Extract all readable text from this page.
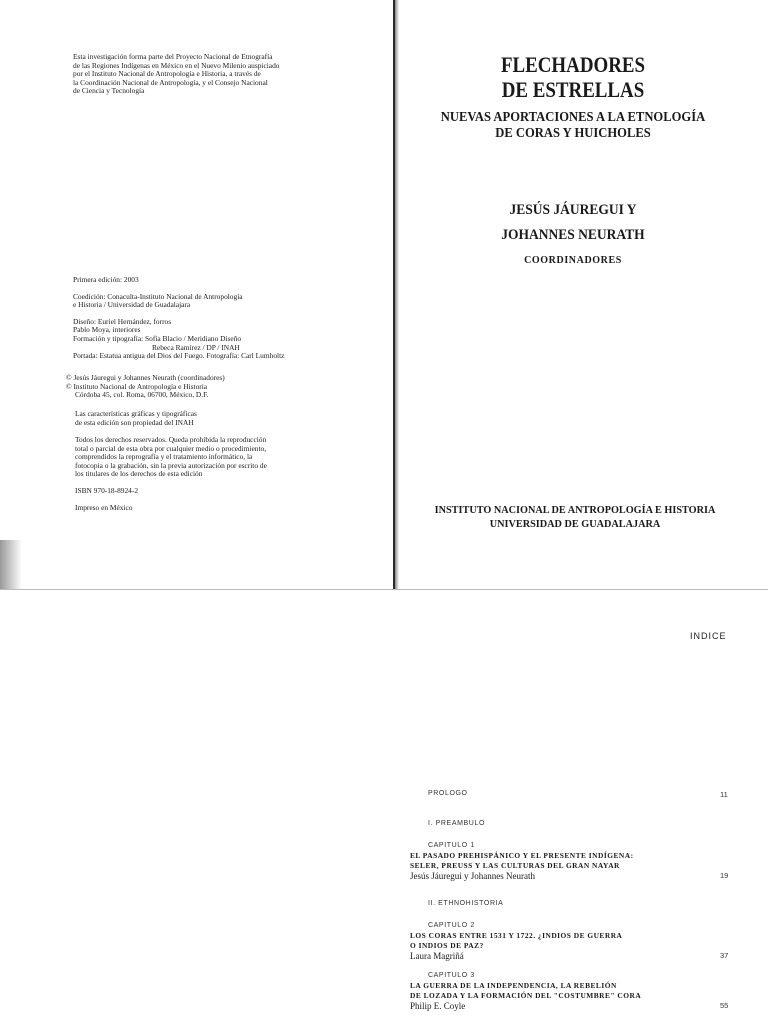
Esta investigación forma parte del Proyecto Nacional de Etnografía
de las Regiones Indígenas en México en el Nuevo Milenio auspiciado
por el Instituto Nacional de Antropología e Historia, a través de
la Coordinación Nacional de Antropología, y el Consejo Nacional
de Ciencia y Tecnología
Primera edición: 2003
Coedición: Conaculta-Instituto Nacional de Antropología
e Historia / Universidad de Guadalajara
Diseño: Euriel Hernández, forros
Pablo Moya, interiores
Formación y tipografía: Sofía Blacio / Meridiano Diseño
Rebeca Ramírez / DP / INAH
Portada: Estatua antigua del Dios del Fuego. Fotografía: Carl Lumholtz
© Jesús Jáuregui y Johannes Neurath (coordinadores)
© Instituto Nacional de Antropología e Historia
Córdoba 45, col. Roma, 06700, México, D.F.
Las características gráficas y tipográficas
de esta edición son propiedad del INAH
Todos los derechos reservados. Queda prohibida la reproducción
total o parcial de esta obra por cualquier medio o procedimiento,
comprendidos la reprografía y el tratamiento informático, la
fotocopia o la grabación, sin la previa autorización por escrito de
los titulares de los derechos de esta edición
ISBN 970-18-8924-2
Impreso en México
FLECHADORES
DE ESTRELLAS
NUEVAS APORTACIONES A LA ETNOLOGÍA
DE CORAS Y HUICHOLES
JESÚS JÁUREGUI Y
JOHANNES NEURATH
COORDINADORES
INSTITUTO NACIONAL DE ANTROPOLOGÍA E HISTORIA
UNIVERSIDAD DE GUADALAJARA
INDICE
PROLOGO	11
I. PREAMBULO
CAPITULO 1
EL PASADO PREHISPÁNICO Y EL PRESENTE INDÍGENA:
SELER, PREUSS Y LAS CULTURAS DEL GRAN NAYAR
Jesús Jáuregui y Johannes Neurath	19
II. ETHNOHISTORIA
CAPITULO 2
LOS CORAS ENTRE 1531 Y 1722. ¿INDIOS DE GUERRA
O INDIOS DE PAZ?
Laura Magriñá	37
CAPITULO 3
LA GUERRA DE LA INDEPENDENCIA, LA REBELIÓN
DE LOZADA Y LA FORMACIÓN DEL "COSTUMBRE" CORA
Philip E. Coyle	55
